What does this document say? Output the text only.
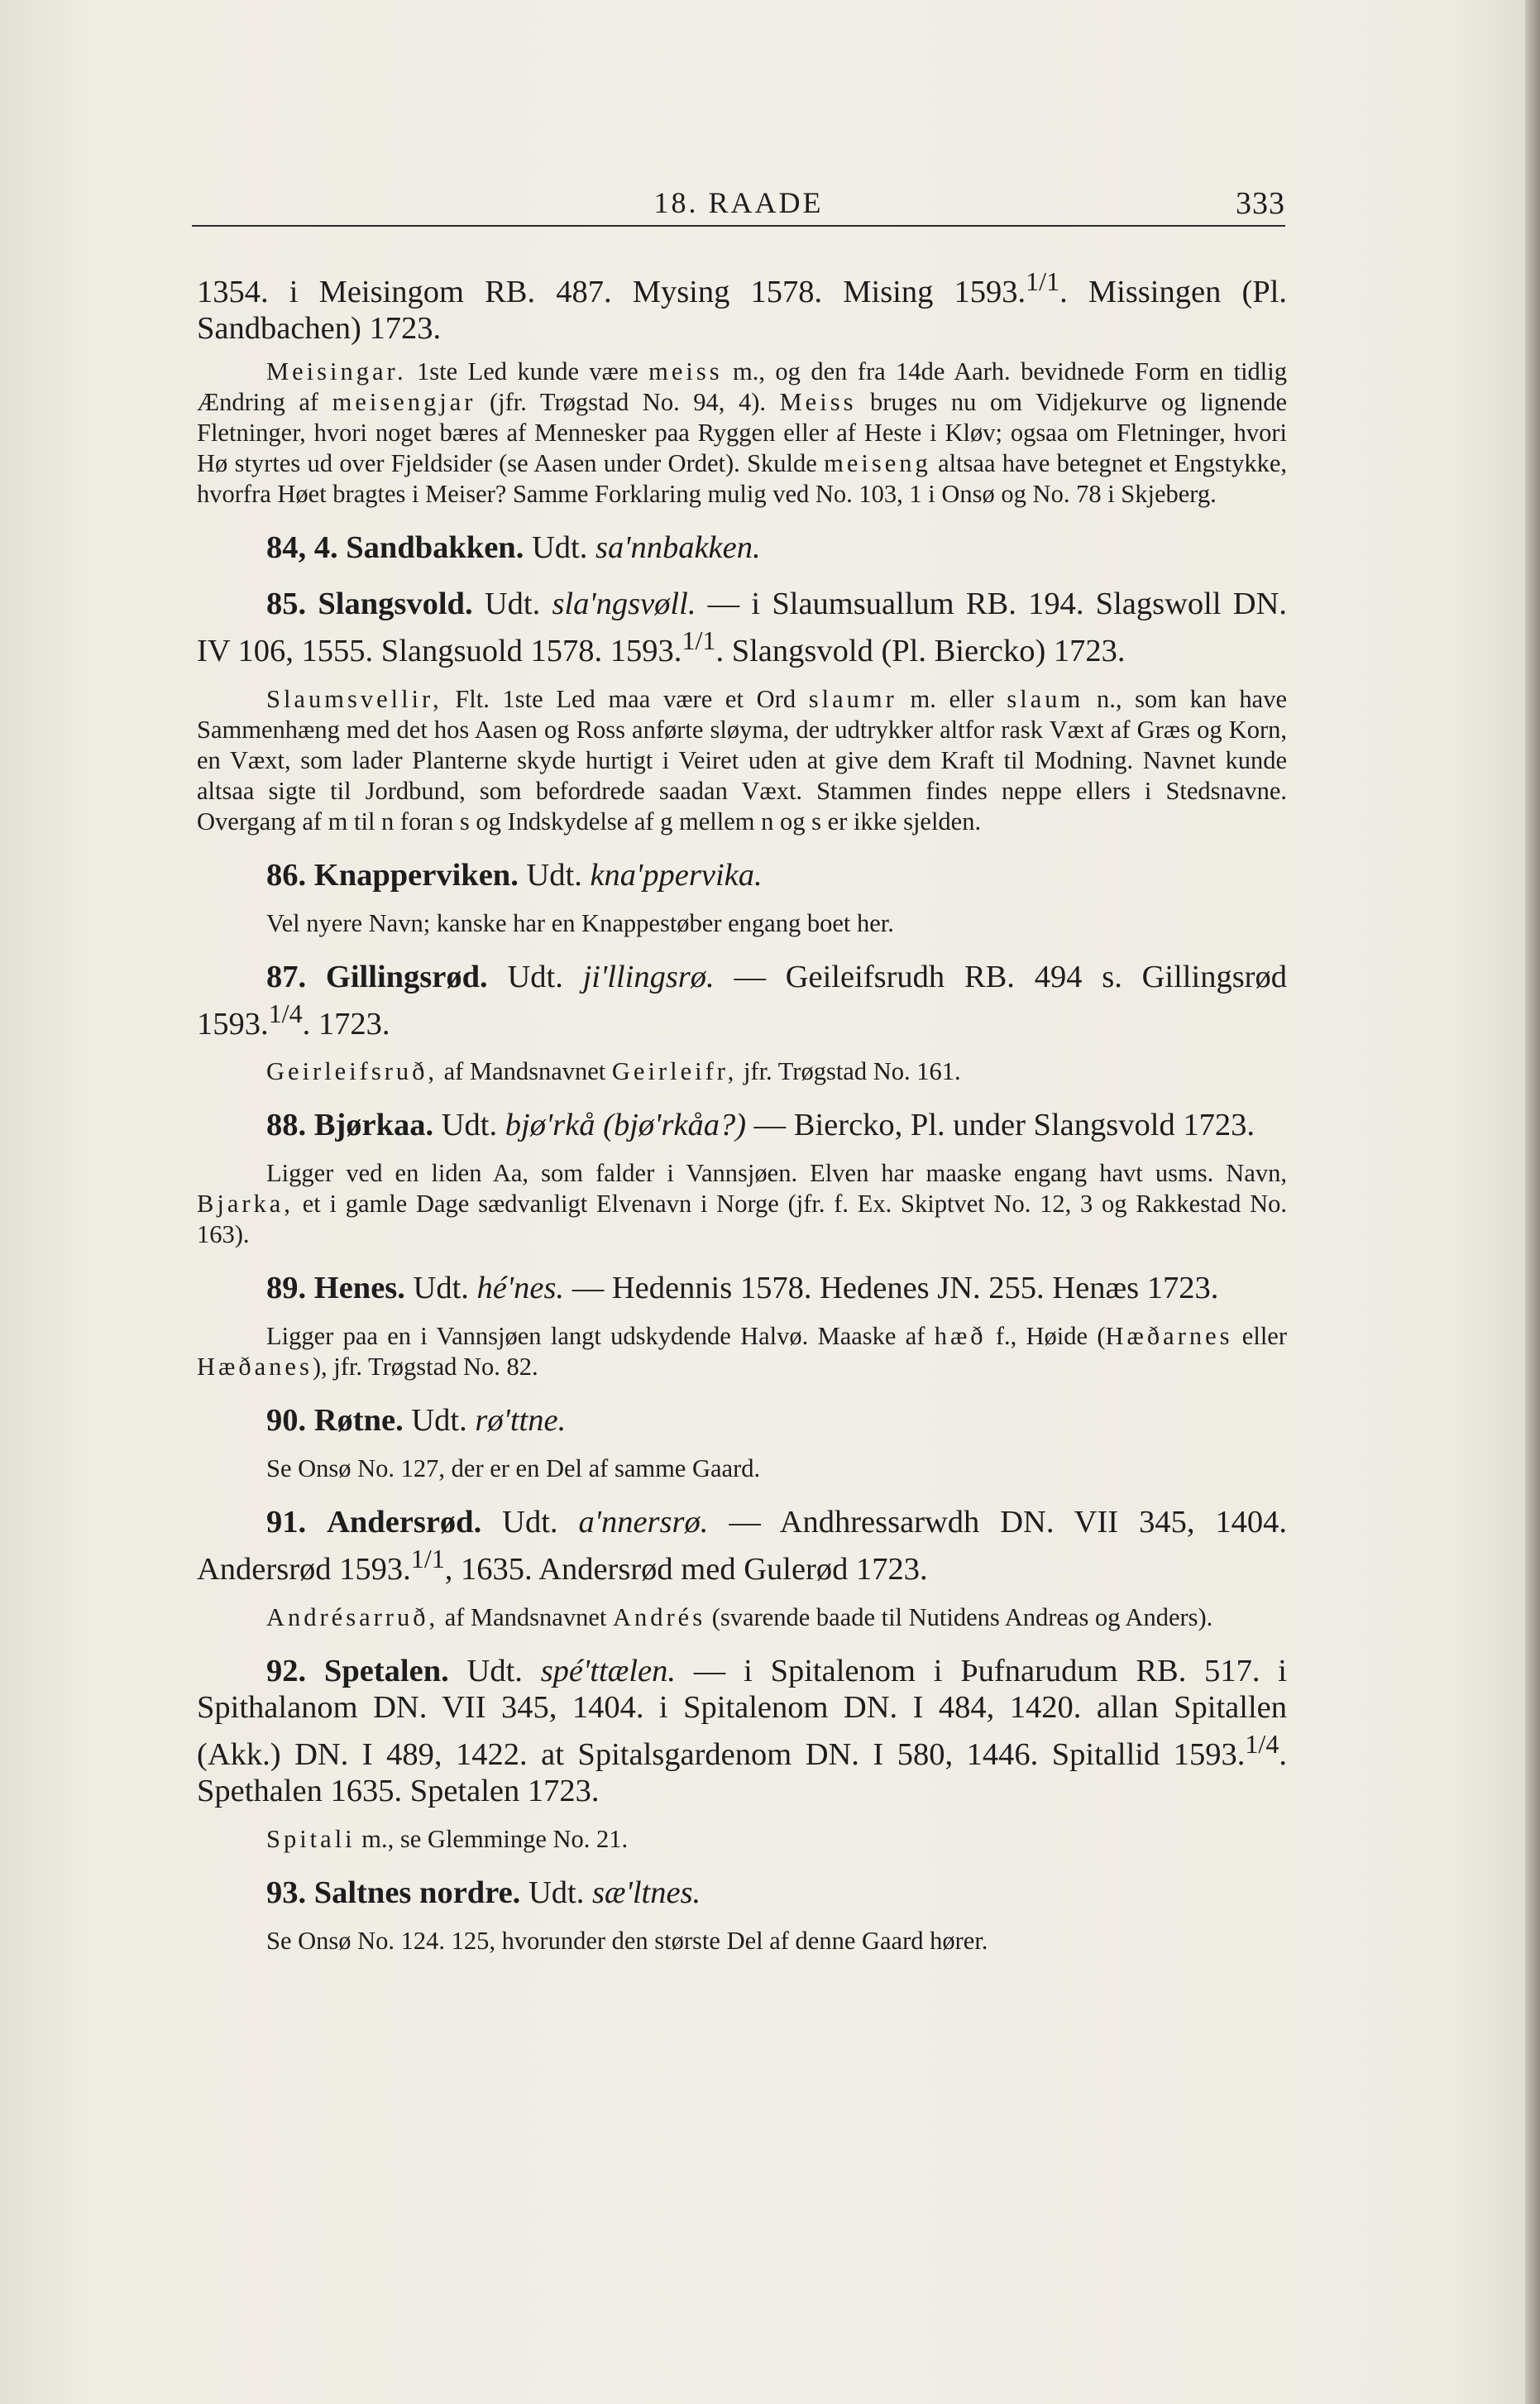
18. RAADE	333

1354. i Meisingom RB. 487. Mysing 1578. Mising 1593.$^{1/1}$. Missingen (Pl. Sandbachen) 1723.

Meisingar. 1ste Led kunde være meiss m., og den fra 14de Aarh. bevidnede Form en tidlig Ændring af meisengjar (jfr. Trøgstad No. 94, 4). Meiss bruges nu om Vidjekurve og lignende Fletninger, hvori noget bæres af Mennesker paa Ryggen eller af Heste i Kløv; ogsaa om Fletninger, hvori Hø styrtes ud over Fjeldsider (se Aasen under Ordet). Skulde meiseng altsaa have betegnet et Engstykke, hvorfra Høet bragtes i Meiser? Samme Forklaring mulig ved No. 103, 1 i Onsø og No. 78 i Skjeberg.

84, 4. Sandbakken. Udt. sa'nnbakken.

85. Slangsvold. Udt. sla'ngsvøll. — i Slaumsuallum RB. 194. Slagswoll DN. IV 106, 1555. Slangsuold 1578. 1593.$^{1/1}$. Slangsvold (Pl. Biercko) 1723.

Slaumsvellir, Flt. 1ste Led maa være et Ord slaumr m. eller slaum n., som kan have Sammenhæng med det hos Aasen og Ross anførte sløyma, der udtrykker altfor rask Væxt af Græs og Korn, en Væxt, som lader Planterne skyde hurtigt i Veiret uden at give dem Kraft til Modning. Navnet kunde altsaa sigte til Jordbund, som befordrede saadan Væxt. Stammen findes neppe ellers i Stedsnavne. Overgang af m til n foran s og Indskydelse af g mellem n og s er ikke sjelden.

86. Knapperviken. Udt. kna'ppervika.

Vel nyere Navn; kanske har en Knappestøber engang boet her.

87. Gillingsrød. Udt. ji'llingsrø. — Geileifsrudh RB. 494 s. Gillingsrød 1593.$^{1/4}$. 1723.

Geirleifsruð, af Mandsnavnet Geirleifr, jfr. Trøgstad No. 161.

88. Bjørkaa. Udt. bjø'rkå (bjø'rkåa?) — Biercko, Pl. under Slangsvold 1723.

Ligger ved en liden Aa, som falder i Vannsjøen. Elven har maaske engang havt usms. Navn, Bjarka, et i gamle Dage sædvanligt Elvenavn i Norge (jfr. f. Ex. Skiptvet No. 12, 3 og Rakkestad No. 163).

89. Henes. Udt. hé'nes. — Hedennis 1578. Hedenes JN. 255. Henæs 1723.

Ligger paa en i Vannsjøen langt udskydende Halvø. Maaske af hæð f., Høide (Hæðarnes eller Hæðanes), jfr. Trøgstad No. 82.

90. Røtne. Udt. rø'ttne.

Se Onsø No. 127, der er en Del af samme Gaard.

91. Andersrød. Udt. a'nnersrø. — Andhressarwdh DN. VII 345, 1404. Andersrød 1593.$^{1/1}$, 1635. Andersrød med Gulerød 1723.

Andrésarruð, af Mandsnavnet Andrés (svarende baade til Nutidens Andreas og Anders).

92. Spetalen. Udt. spé'ttælen. — i Spitalenom i Þufnarudum RB. 517. i Spithalanom DN. VII 345, 1404. i Spitalenom DN. I 484, 1420. allan Spitallen (Akk.) DN. I 489, 1422. at Spitalsgardenom DN. I 580, 1446. Spitallid 1593.$^{1/4}$. Spethalen 1635. Spetalen 1723.

Spitali m., se Glemminge No. 21.

93. Saltnes nordre. Udt. sæ'ltnes.

Se Onsø No. 124. 125, hvorunder den største Del af denne Gaard hører.
